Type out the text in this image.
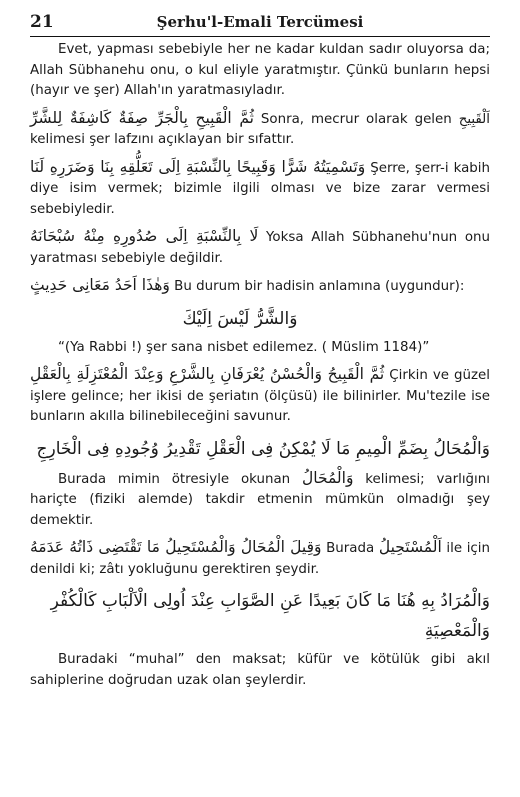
21	Şerhu'l-Emali Tercümesi

Evet, yapması sebebiyle her ne kadar kuldan sadır oluyorsa da; Allah Sübhanehu onu, o kul eliyle yaratmıştır. Çünkü bunların hepsi (hayır ve şer) Allah'ın yaratmasıyladır.

ثُمَّ الْقَبِيحِ بِالْجَرِّ صِفَةٌ كَاشِفَةٌ لِلشَّرِّ Sonra, mecrur olarak gelen اَلْقَبِيحِ kelimesi şer lafzını açıklayan bir sıfattır.

وَتَسْمِيَتُهُ شَرًّا وَقَبِيحًا بِالنِّسْبَةِ اِلَى تَعَلُّقِهِ بِنَا وَضَرَرِهِ لَنَا Şerre, şerr-i kabih diye isim vermek; bizimle ilgili olması ve bize zarar vermesi sebebiyledir.

لَا بِالنِّسْبَةِ اِلَى صُدُورِهِ مِنْهُ سُبْحَانَهُ Yoksa Allah Sübhanehu'nun onu yaratması sebebiyle değildir.

وَهٰذَا اَحَدُ مَعَانِى حَدِيثٍ Bu durum bir hadisin anlamına (uygundur):

وَالشَّرُّ لَيْسَ اِلَيْكَ

“(Ya Rabbi !) şer sana nisbet edilemez. ( Müslim 1184)”

ثُمَّ الْقَبِيحُ وَالْحُسْنُ يُعْرَفَانِ بِالشَّرْعِ وَعِنْدَ الْمُعْتَزِلَةِ بِالْعَقْلِ Çirkin ve güzel işlere gelince; her ikisi de şeriatın (ölçüsü) ile bilinirler. Mu'tezile ise bunların akılla bilinebileceğini savunur.

وَالْمُحَالُ بِضَمِّ الْمِيمِ مَا لَا يُمْكِنُ فِى الْعَقْلِ تَقْدِيرُ وُجُودِهِ فِى الْخَارِجِ

Burada mimin ötresiyle okunan وَالْمُحَالُ kelimesi; varlığını hariçte (fiziki alemde) takdir etmenin mümkün olmadığı şey demektir.

وَقِيلَ الْمُحَالُ وَالْمُسْتَحِيلُ مَا تَقْتَضِى ذَاتُهُ عَدَمَهُ Burada اَلْمُسْتَحِيلُ ile için denildi ki; zâtı yokluğunu gerektiren şeydir.

وَالْمُرَادُ بِهِ هُنَا مَا كَانَ بَعِيدًا عَنِ الصَّوَابِ عِنْدَ اُولِى الْاَلْبَابِ كَالْكُفْرِ وَالْمَعْصِيَةِ

Buradaki “muhal” den maksat; küfür ve kötülük gibi akıl sahiplerine doğrudan uzak olan şeylerdir.
